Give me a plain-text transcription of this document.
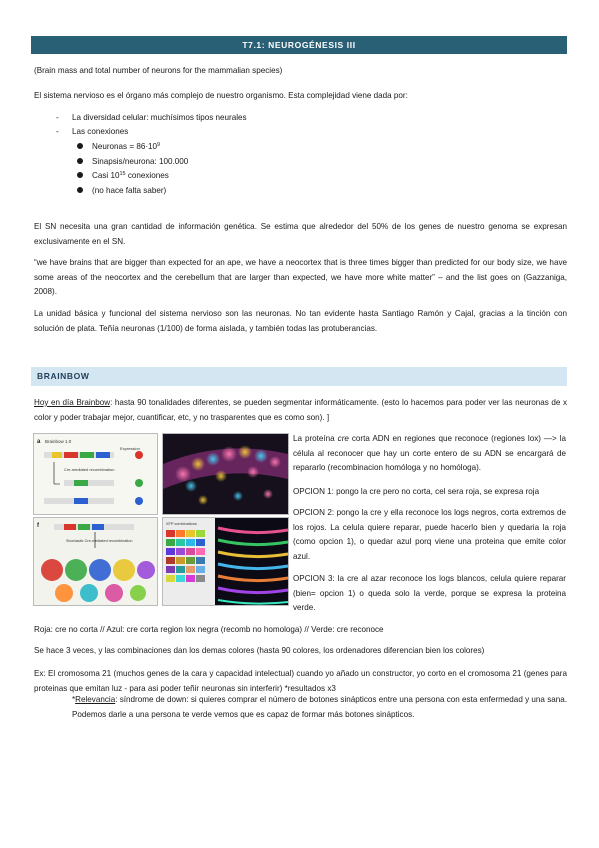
T7.1: NEUROGÉNESIS III

(Brain mass and total number of neurons for the mammalian species)

El sistema nervioso es el órgano más complejo de nuestro organismo. Esta complejidad viene dada por:

- La diversidad celular: muchísimos tipos neurales
- Las conexiones
Neuronas = $86\cdot 10^9$
Sinapsis/neurona: 100.000
Casi $10^{15}$ conexiones
(no hace falta saber)

El SN necesita una gran cantidad de información genética. Se estima que alrededor del 50% de los genes de nuestro genoma se expresan exclusivamente en el SN.

“we have brains that are bigger than expected for an ape, we have a neocortex that is three times bigger than predicted for our body size, we have some areas of the neocortex and the cerebellum that are larger than expected, we have more white matter” – and the list goes on (Gazzaniga, 2008).

La unidad básica y funcional del sistema nervioso son las neuronas. No tan evidente hasta Santiago Ramón y Cajal, gracias a la tinción con solución de plata. Teñía neuronas (1/100) de forma aislada, y también todas las protuberancias.

BRAINBOW

Hoy en día Brainbow: hasta 90 tonalidades diferentes, se pueden segmentar informáticamente. (esto lo hacemos para poder ver las neuronas de x color y poder trabajar mejor, cuantificar, etc, y no trasparentes que es como son). ]

a Brainbow 1.0
Expression
Cre-mediated recombination
f
Stochastic Cre-mediated recombination
XFP combinations

La proteína cre corta ADN en regiones que reconoce (regiones lox) —> la célula al reconocer que hay un corte entero de su ADN se encargará de repararlo (recombinacion homóloga y no homóloga).

OPCION 1: pongo la cre pero no corta, cel sera roja, se expresa roja

OPCION 2: pongo la cre y ella reconoce los logs negros, corta extremos de los rojos. La celula quiere reparar, puede hacerlo bien y quedaria la roja (como opcion 1), o quedar azul porq viene una proteina que emite color azul.

OPCION 3: la cre al azar reconoce los logs blancos, celula quiere reparar (bien= opcion 1) o queda solo la verde, porque se expresa la proteina verde.

Roja: cre no corta // Azul: cre corta region lox negra (recomb no homologa) // Verde: cre reconoce

Se hace 3 veces, y las combinaciones dan los demas colores (hasta 90 colores, los ordenadores diferencian bien los colores)

Ex: El cromosoma 21 (muchos genes de la cara y capacidad intelectual) cuando yo añado un constructor, yo corto en el cromosoma 21 (genes para proteinas que emitan luz - para asi poder teñir neuronas sin interferir) *resultados x3

*Relevancia: síndrome de down: si quieres comprar el número de botones sinápticos entre una persona con esta enfermedad y una sana. Podemos darle a una persona te verde vemos que es capaz de formar más botones sinápticos.
